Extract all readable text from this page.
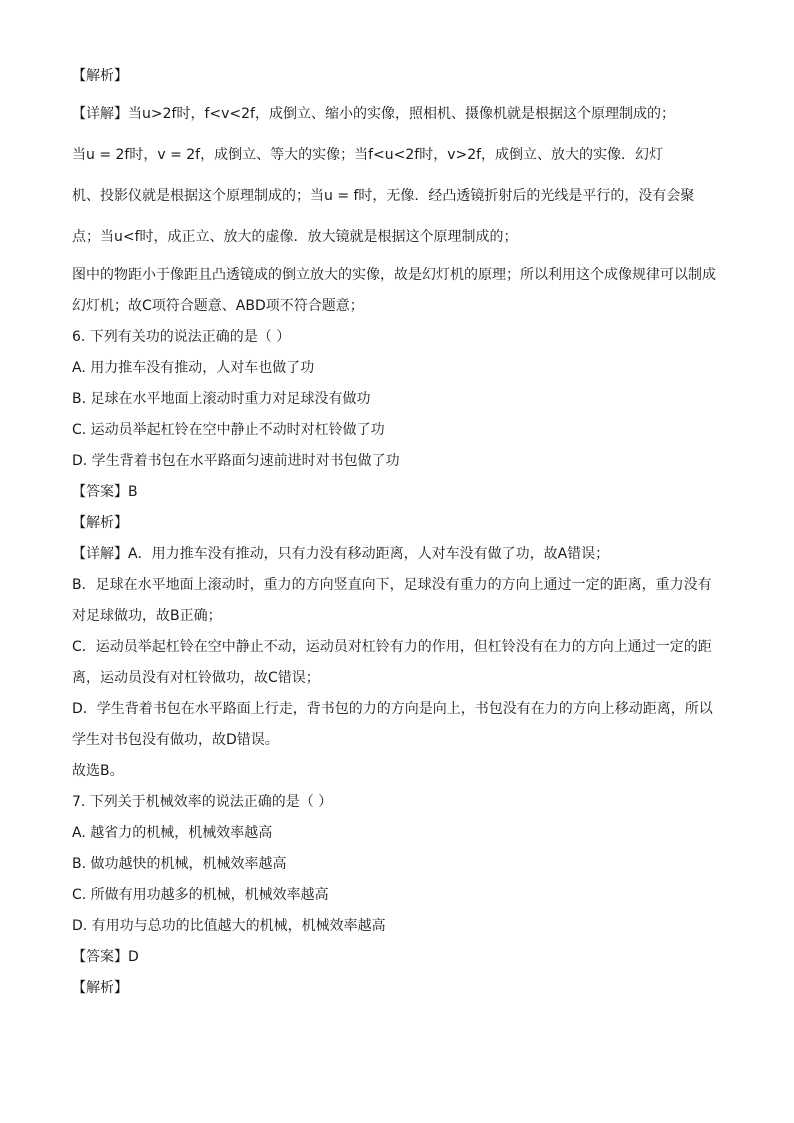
【解析】
【详解】当u>2f时，f<v<2f，成倒立、缩小的实像，照相机、摄像机就是根据这个原理制成的；
当u = 2f时，v = 2f，成倒立、等大的实像；当f<u<2f时，v>2f，成倒立、放大的实像．幻灯
机、投影仪就是根据这个原理制成的；当u = f时，无像．经凸透镜折射后的光线是平行的，没有会聚
点；当u<f时，成正立、放大的虚像．放大镜就是根据这个原理制成的；
图中的物距小于像距且凸透镜成的倒立放大的实像，故是幻灯机的原理；所以利用这个成像规律可以制成
幻灯机；故C项符合题意、ABD项不符合题意；
6. 下列有关功的说法正确的是（ ）
A. 用力推车没有推动，人对车也做了功
B. 足球在水平地面上滚动时重力对足球没有做功
C. 运动员举起杠铃在空中静止不动时对杠铃做了功
D. 学生背着书包在水平路面匀速前进时对书包做了功
【答案】B
【解析】
【详解】A．用力推车没有推动，只有力没有移动距离，人对车没有做了功，故A错误；
B．足球在水平地面上滚动时，重力的方向竖直向下，足球没有重力的方向上通过一定的距离，重力没有
对足球做功，故B正确；
C．运动员举起杠铃在空中静止不动，运动员对杠铃有力的作用，但杠铃没有在力的方向上通过一定的距
离，运动员没有对杠铃做功，故C错误；
D．学生背着书包在水平路面上行走，背书包的力的方向是向上，书包没有在力的方向上移动距离，所以
学生对书包没有做功，故D错误。
故选B。
7. 下列关于机械效率的说法正确的是（ ）
A. 越省力的机械，机械效率越高
B. 做功越快的机械，机械效率越高
C. 所做有用功越多的机械，机械效率越高
D. 有用功与总功的比值越大的机械，机械效率越高
【答案】D
【解析】
